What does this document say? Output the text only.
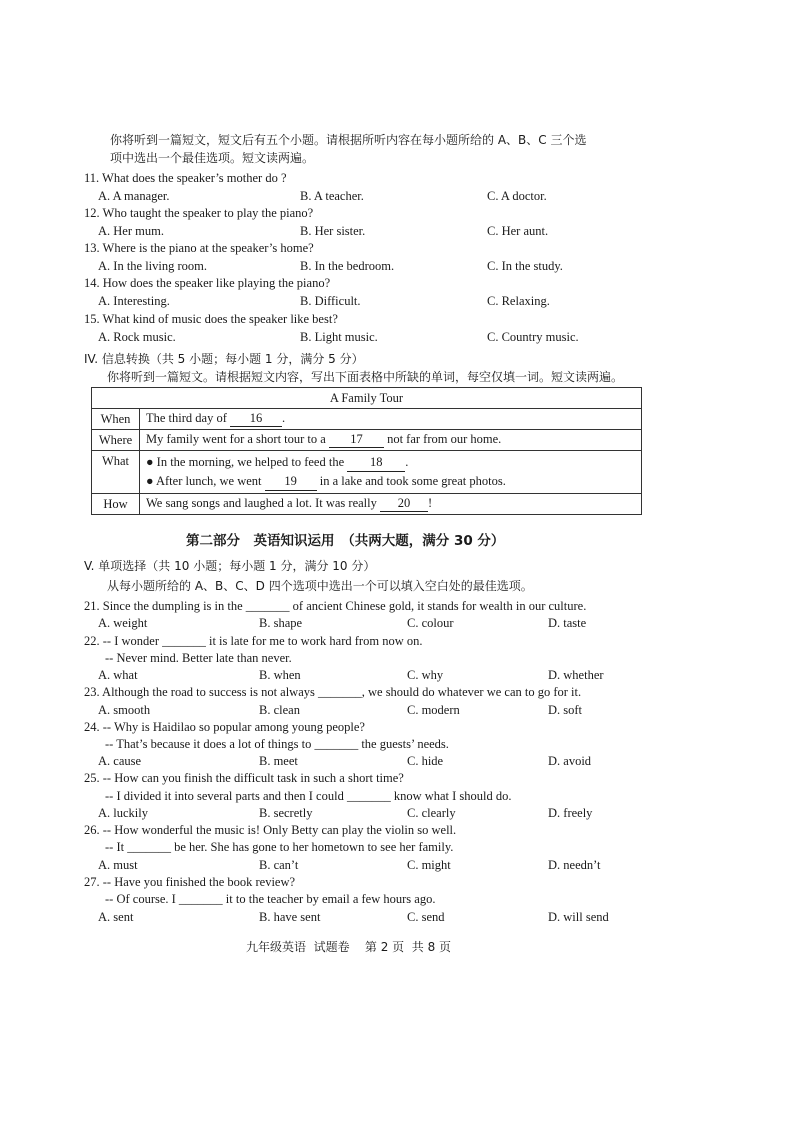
你将听到一篇短文，短文后有五个小题。请根据所听内容在每小题所给的 A、B、C 三个选
项中选出一个最佳选项。短文读两遍。
11. What does the speaker’s mother do ?
A. A manager.	B. A teacher.	C. A doctor.
12. Who taught the speaker to play the piano?
A. Her mum.	B. Her sister.	C. Her aunt.
13. Where is the piano at the speaker’s home?
A. In the living room.	B. In the bedroom.	C. In the study.
14. How does the speaker like playing the piano?
A. Interesting.	B. Difficult.	C. Relaxing.
15. What kind of music does the speaker like best?
A. Rock music.	B. Light music.	C. Country music.
IV. 信息转换（共 5 小题；每小题 1 分，满分 5 分）
你将听到一篇短文。请根据短文内容，写出下面表格中所缺的单词，每空仅填一词。短文读两遍。
A Family Tour	
When	The third day of 16 .
Where	My family went for a short tour to a 17 not far from our home.
What	● In the morning, we helped to feed the 18 .
● After lunch, we went 19 in a lake and took some great photos.

How	We sang songs and laughed a lot. It was really 20 !
第二部分　英语知识运用　（共两大题，满分 30 分）
V. 单项选择（共 10 小题；每小题 1 分，满分 10 分）
从每小题所给的 A、B、C、D 四个选项中选出一个可以填入空白处的最佳选项。
21. Since the dumpling is in the _______ of ancient Chinese gold, it stands for wealth in our culture.
A. weight	B. shape	C. colour	D. taste
22. -- I wonder _______ it is late for me to work hard from now on.
-- Never mind. Better late than never.
A. what	B. when	C. why	D. whether
23. Although the road to success is not always _______, we should do whatever we can to go for it.
A. smooth	B. clean	C. modern	D. soft
24. -- Why is Haidilao so popular among young people?
-- That’s because it does a lot of things to _______ the guests’ needs.
A. cause	B. meet	C. hide	D. avoid
25. -- How can you finish the difficult task in such a short time?
-- I divided it into several parts and then I could _______ know what I should do.
A. luckily	B. secretly	C. clearly	D. freely
26. -- How wonderful the music is! Only Betty can play the violin so well.
-- It _______ be her. She has gone to her hometown to see her family.
A. must	B. can’t	C. might	D. needn’t
27. -- Have you finished the book review?
-- Of course. I _______ it to the teacher by email a few hours ago.
A. sent	B. have sent	C. send	D. will send
九年级英语  试题卷    第 2 页  共 8 页
